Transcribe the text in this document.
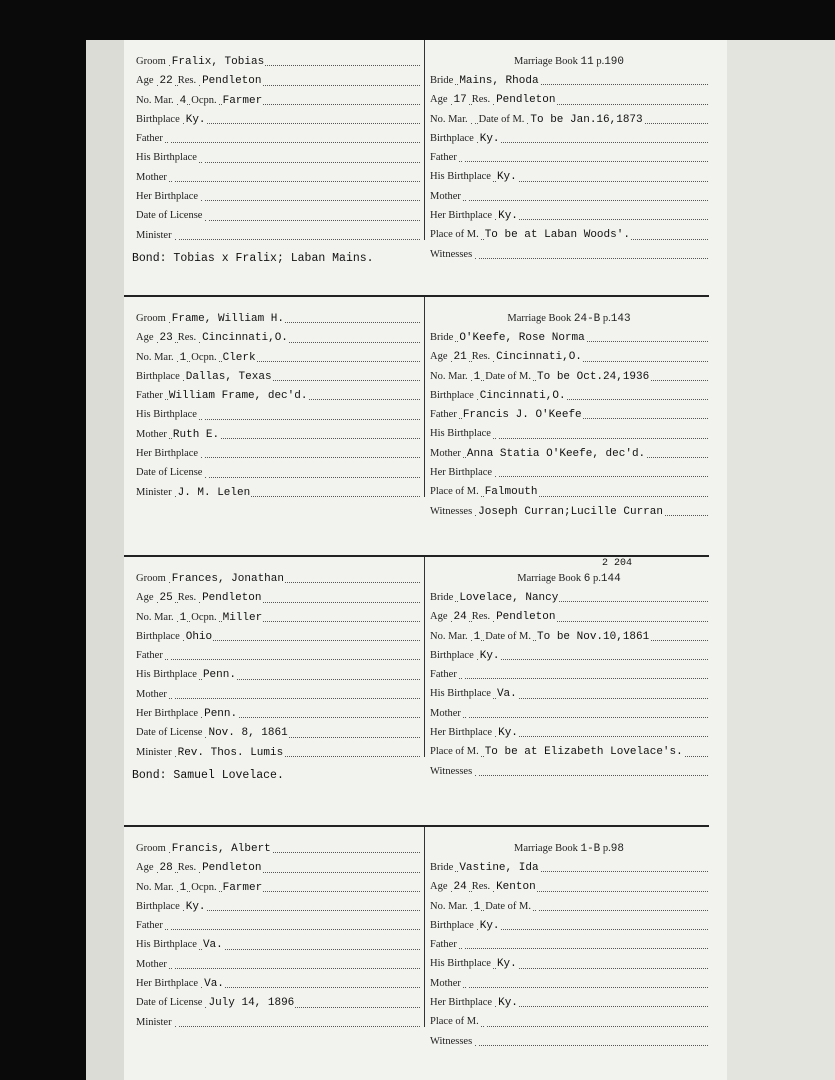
Groom Fralix, Tobias
Age 22 Res. Pendleton
No. Mar. 4 Ocpn. Farmer
Birthplace Ky.
Father
His Birthplace
Mother
Her Birthplace
Date of License
Minister
Marriage Book 11 p.190
Bride Mains, Rhoda
Age 17 Res. Pendleton
No. Mar. Date of M. To be Jan.16,1873
Birthplace Ky.
Father
His Birthplace Ky.
Mother
Her Birthplace Ky.
Place of M. To be at Laban Woods'.
Witnesses
Bond: Tobias x Fralix; Laban Mains.
Groom Frame, William H.
Age 23 Res. Cincinnati,O.
No. Mar. 1 Ocpn. Clerk
Birthplace Dallas, Texas
Father William Frame, dec'd.
His Birthplace
Mother Ruth E.
Her Birthplace
Date of License
Minister J. M. Lelen
Marriage Book 24-B p.143
Bride O'Keefe, Rose Norma
Age 21 Res. Cincinnati,O.
No. Mar. 1 Date of M. To be Oct.24,1936
Birthplace Cincinnati,O.
Father Francis J. O'Keefe
His Birthplace
Mother Anna Statia O'Keefe, dec'd.
Her Birthplace
Place of M. Falmouth
Witnesses Joseph Curran;Lucille Curran
Groom Frances, Jonathan
Age 25 Res. Pendleton
No. Mar. 1 Ocpn. Miller
Birthplace Ohio
Father
His Birthplace Penn.
Mother
Her Birthplace Penn.
Date of License Nov. 8, 1861
Minister Rev. Thos. Lumis
Marriage Book 6 p.144
Bride Lovelace, Nancy
Age 24 Res. Pendleton
No. Mar. 1 Date of M. To be Nov.10,1861
Birthplace Ky.
Father
His Birthplace Va.
Mother
Her Birthplace Ky.
Place of M. To be at Elizabeth Lovelace's.
Witnesses
2 204
Bond: Samuel Lovelace.
Groom Francis, Albert
Age 28 Res. Pendleton
No. Mar. 1 Ocpn. Farmer
Birthplace Ky.
Father
His Birthplace Va.
Mother
Her Birthplace Va.
Date of License July 14, 1896
Minister
Marriage Book 1-B p.98
Bride Vastine, Ida
Age 24 Res. Kenton
No. Mar. 1 Date of M.
Birthplace Ky.
Father
His Birthplace Ky.
Mother
Her Birthplace Ky.
Place of M.
Witnesses
